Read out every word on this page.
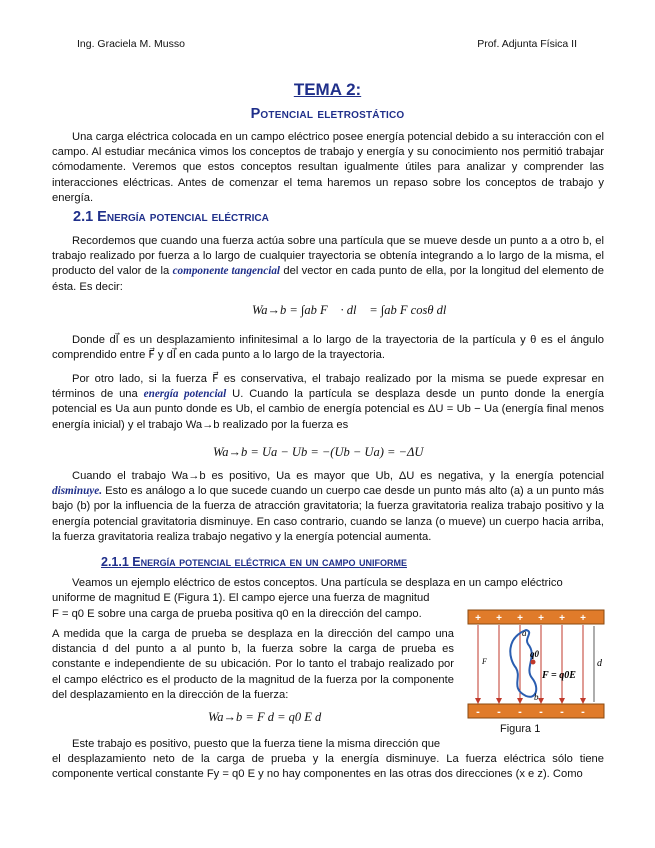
Ing. Graciela M. Musso	Prof. Adjunta Física II
TEMA 2:
Potencial eletrostático
Una carga eléctrica colocada en un campo eléctrico posee energía potencial debido a su interacción con el campo. Al estudiar mecánica vimos los conceptos de trabajo y energía y su conocimiento nos permitió trabajar cómodamente. Veremos que estos conceptos resultan igualmente útiles para analizar y comprender las interacciones eléctricas. Antes de comenzar el tema haremos un repaso sobre los conceptos de trabajo y energía.
2.1 Energía potencial eléctrica
Recordemos que cuando una fuerza actúa sobre una partícula que se mueve desde un punto a a otro b, el trabajo realizado por fuerza a lo largo de cualquier trayectoria se obtenía integrando a lo largo de la misma, el producto del valor de la componente tangencial del vector en cada punto de ella, por la longitud del elemento de ésta. Es decir:
Wa→b = ∫ab F⃗ · dl⃗ = ∫ab F cosθ dl
Donde dl⃗ es un desplazamiento infinitesimal a lo largo de la trayectoria de la partícula y θ es el ángulo comprendido entre F⃗ y dl⃗ en cada punto a lo largo de la trayectoria.
Por otro lado, si la fuerza F⃗ es conservativa, el trabajo realizado por la misma se puede expresar en términos de una energía potencial U. Cuando la partícula se desplaza desde un punto donde la energía potencial es Ua aun punto donde es Ub, el cambio de energía potencial es ΔU = Ub − Ua (energía final menos energía inicial) y el trabajo Wa→b realizado por la fuerza es
Wa→b = Ua − Ub = −(Ub − Ua) = −ΔU
Cuando el trabajo Wa→b es positivo, Ua es mayor que Ub, ΔU es negativa, y la energía potencial disminuye. Esto es análogo a lo que sucede cuando un cuerpo cae desde un punto más alto (a) a un punto más bajo (b) por la influencia de la fuerza de atracción gravitatoria; la fuerza gravitatoria realiza trabajo positivo y la energía potencial gravitatoria disminuye. En caso contrario, cuando se lanza (o mueve) un cuerpo hacia arriba, la fuerza gravitatoria realiza trabajo negativo y la energía potencial aumenta.
2.1.1 Energía potencial eléctrica en un campo uniforme
Veamos un ejemplo eléctrico de estos conceptos. Una partícula se desplaza en un campo eléctrico
uniforme de magnitud E (Figura 1). El campo ejerce una fuerza de magnitud
F = q0 E sobre una carga de prueba positiva q0 en la dirección del campo.
A medida que la carga de prueba se desplaza en la dirección del campo una distancia d del punto a al punto b, la fuerza sobre la carga de prueba es constante e independiente de su ubicación. Por lo tanto el trabajo realizado por el campo eléctrico es el producto de la magnitud de la fuerza por la componente del desplazamiento en la dirección de la fuerza:
Wa→b = F d = q0 E d
Este trabajo es positivo, puesto que la fuerza tiene la misma dirección que
el desplazamiento neto de la carga de prueba y la energía disminuye. La fuerza eléctrica sólo tiene componente vertical constante Fy = q0 E y no hay componentes en las otras dos direcciones (x e z). Como
+ + + + + +
- - - - - -
a
b
q0
d
F = q0E
F
Figura 1
